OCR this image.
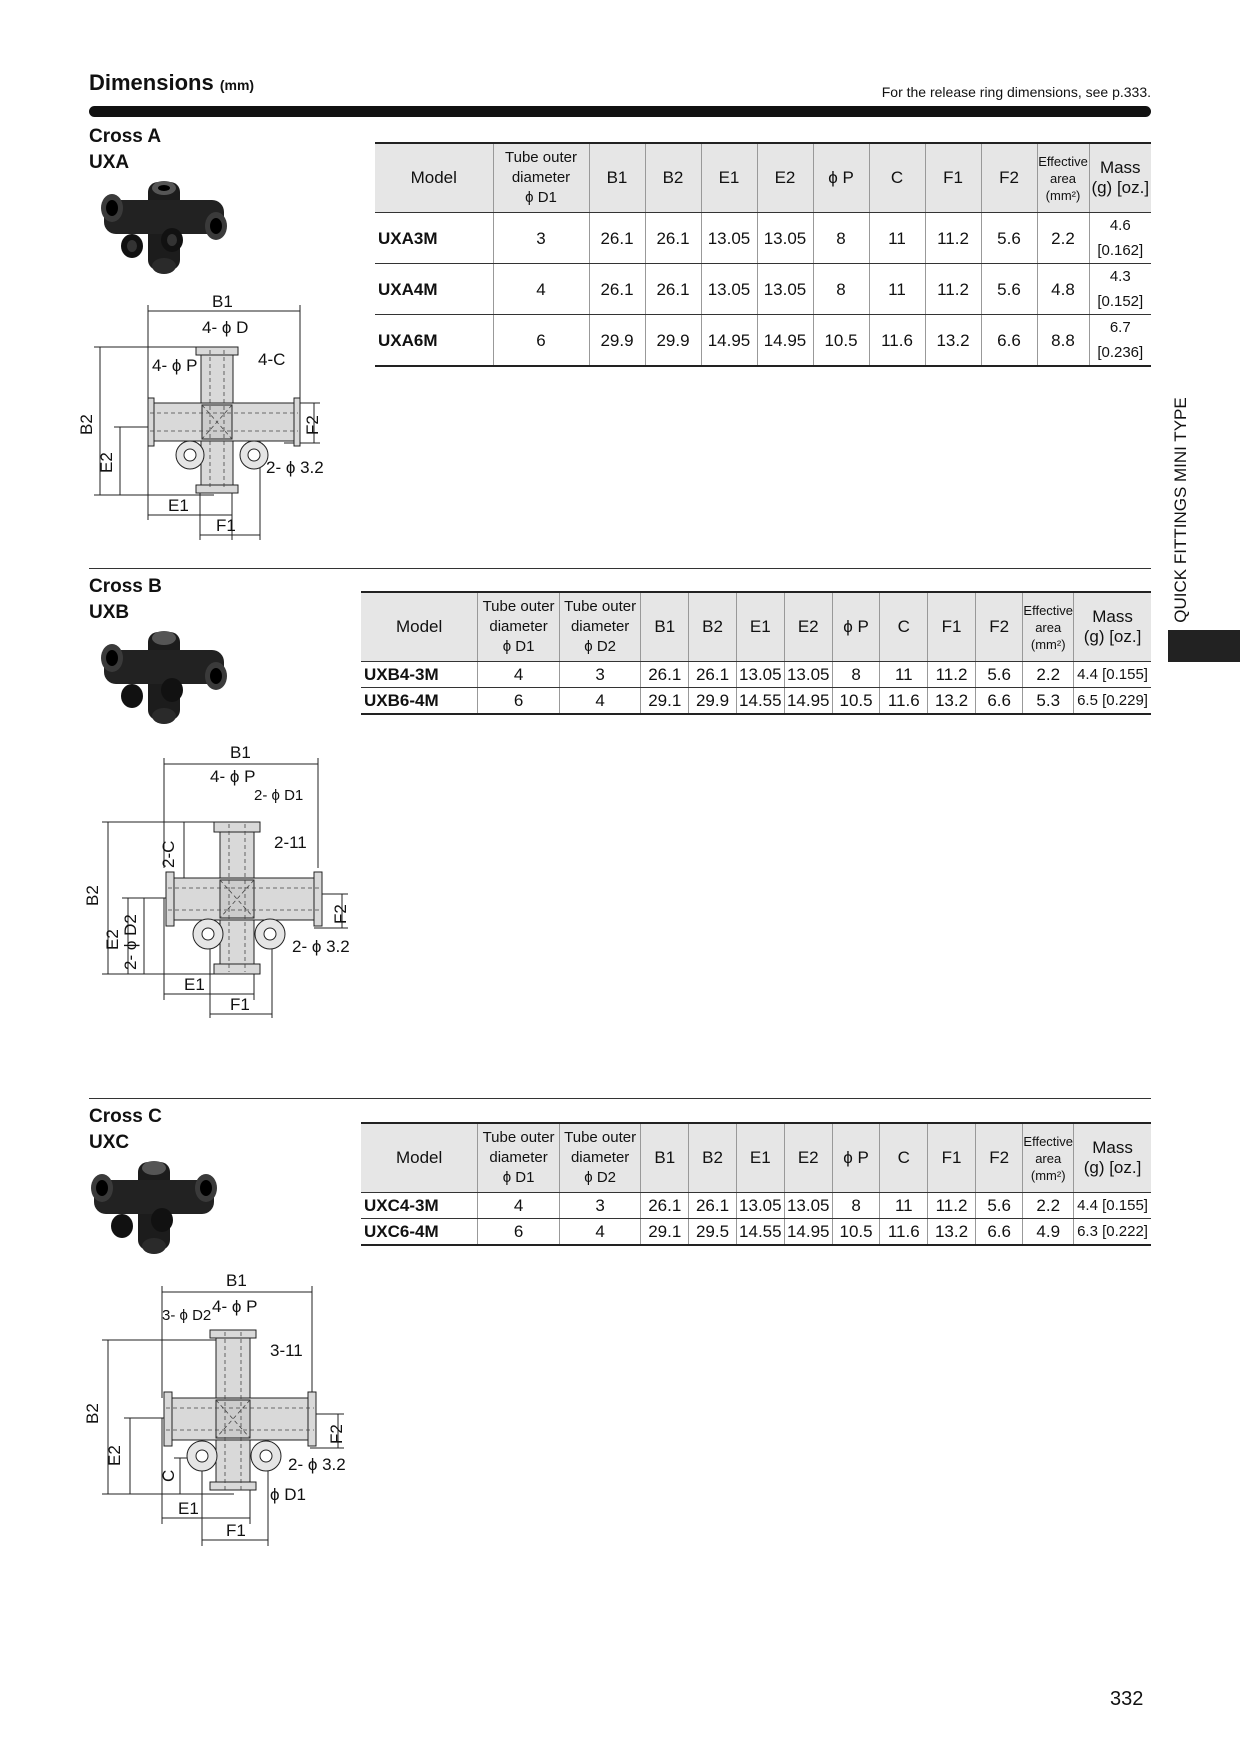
Dimensions (mm)	For the release ring dimensions, see p.333.
QUICK FITTINGS MINI TYPE
Cross A
UXA
B1
4- ϕ D
4- ϕ P	4-C
B2
E2
F2
2- ϕ 3.2
E1
F1
Model	Tube outer
diameter
ϕ D1	B1	B2	E1	E2	ϕ P	C	F1	F2	Effective
area
(mm²)	Mass
(g) [oz.]
UXA3M	3	26.1	26.1	13.05	13.05	8	11	11.2	5.6	2.2	4.6 [0.162]
UXA4M	4	26.1	26.1	13.05	13.05	8	11	11.2	5.6	4.8	4.3 [0.152]
UXA6M	6	29.9	29.9	14.95	14.95	10.5	11.6	13.2	6.6	8.8	6.7 [0.236]
Cross B
UXB
B1
4- ϕ P
2- ϕ D1
2-C	2-11
B2
E2 2- ϕ D2
F2
2- ϕ 3.2
E1
F1
Model	Tube outer
diameter
ϕ D1	Tube outer
diameter
ϕ D2	B1	B2	E1	E2	ϕ P	C	F1	F2	Effective
area
(mm²)	Mass
(g) [oz.]
UXB4-3M	4	3	26.1	26.1	13.05	13.05	8	11	11.2	5.6	2.2	4.4 [0.155]
UXB6-4M	6	4	29.1	29.9	14.55	14.95	10.5	11.6	13.2	6.6	5.3	6.5 [0.229]
Cross C
UXC
B1
4- ϕ P
3- ϕ D2
3-11
B2
E2
C
F2
2- ϕ 3.2
ϕ D1
E1
F1
Model	Tube outer
diameter
ϕ D1	Tube outer
diameter
ϕ D2	B1	B2	E1	E2	ϕ P	C	F1	F2	Effective
area
(mm²)	Mass
(g) [oz.]
UXC4-3M	4	3	26.1	26.1	13.05	13.05	8	11	11.2	5.6	2.2	4.4 [0.155]
UXC6-4M	6	4	29.1	29.5	14.55	14.95	10.5	11.6	13.2	6.6	4.9	6.3 [0.222]
332
